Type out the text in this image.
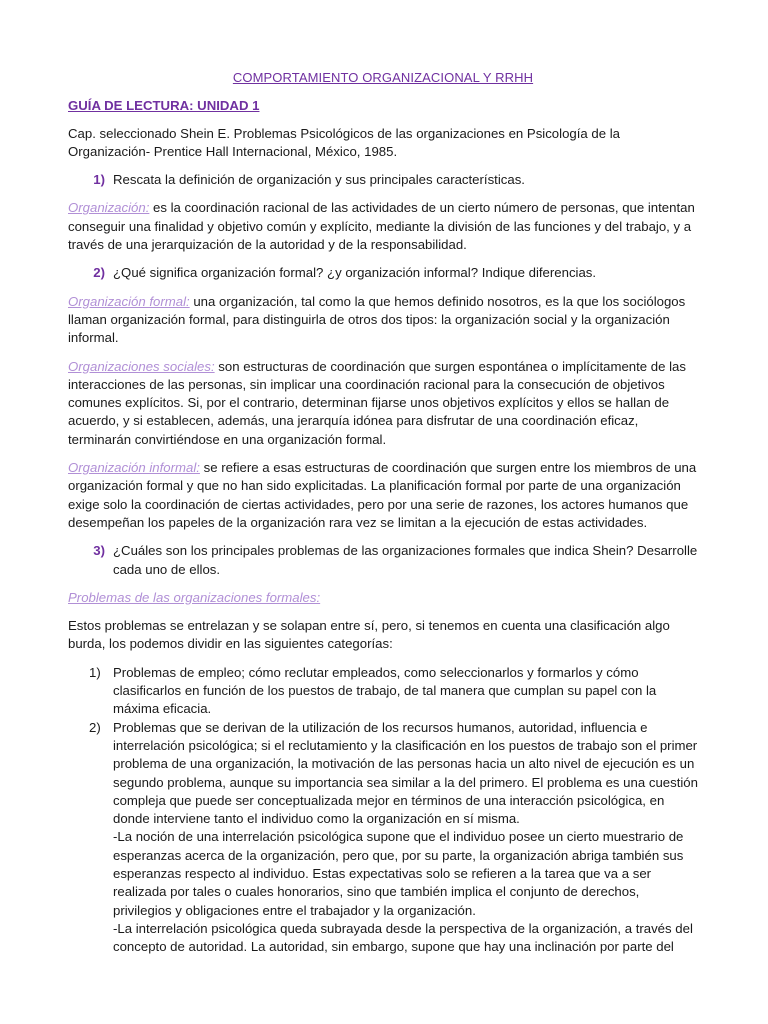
COMPORTAMIENTO ORGANIZACIONAL Y RRHH
GUÍA DE LECTURA: UNIDAD 1

Cap. seleccionado Shein E. Problemas Psicológicos de las organizaciones en Psicología de la Organización- Prentice Hall Internacional, México, 1985.

1) Rescata la definición de organización y sus principales características.

Organización: es la coordinación racional de las actividades de un cierto número de personas, que intentan conseguir una finalidad y objetivo común y explícito, mediante la división de las funciones y del trabajo, y a través de una jerarquización de la autoridad y de la responsabilidad.

2) ¿Qué significa organización formal? ¿y organización informal? Indique diferencias.

Organización formal: una organización, tal como la que hemos definido nosotros, es la que los sociólogos llaman organización formal, para distinguirla de otros dos tipos: la organización social y la organización informal.

Organizaciones sociales: son estructuras de coordinación que surgen espontánea o implícitamente de las interacciones de las personas, sin implicar una coordinación racional para la consecución de objetivos comunes explícitos. Si, por el contrario, determinan fijarse unos objetivos explícitos y ellos se hallan de acuerdo, y si establecen, además, una jerarquía idónea para disfrutar de una coordinación eficaz, terminarán convirtiéndose en una organización formal.

Organización informal: se refiere a esas estructuras de coordinación que surgen entre los miembros de una organización formal y que no han sido explicitadas. La planificación formal por parte de una organización exige solo la coordinación de ciertas actividades, pero por una serie de razones, los actores humanos que desempeñan los papeles de la organización rara vez se limitan a la ejecución de estas actividades.

3) ¿Cuáles son los principales problemas de las organizaciones formales que indica Shein? Desarrolle cada uno de ellos.
Problemas de las organizaciones formales:

Estos problemas se entrelazan y se solapan entre sí, pero, si tenemos en cuenta una clasificación algo burda, los podemos dividir en las siguientes categorías:

1) Problemas de empleo; cómo reclutar empleados, como seleccionarlos y formarlos y cómo clasificarlos en función de los puestos de trabajo, de tal manera que cumplan su papel con la máxima eficacia.
2) Problemas que se derivan de la utilización de los recursos humanos, autoridad, influencia e interrelación psicológica; si el reclutamiento y la clasificación en los puestos de trabajo son el primer problema de una organización, la motivación de las personas hacia un alto nivel de ejecución es un segundo problema, aunque su importancia sea similar a la del primero. El problema es una cuestión compleja que puede ser conceptualizada mejor en términos de una interacción psicológica, en donde interviene tanto el individuo como la organización en sí misma.
-La noción de una interrelación psicológica supone que el individuo posee un cierto muestrario de esperanzas acerca de la organización, pero que, por su parte, la organización abriga también sus esperanzas respecto al individuo. Estas expectativas solo se refieren a la tarea que va a ser realizada por tales o cuales honorarios, sino que también implica el conjunto de derechos, privilegios y obligaciones entre el trabajador y la organización.
-La interrelación psicológica queda subrayada desde la perspectiva de la organización, a través del concepto de autoridad. La autoridad, sin embargo, supone que hay una inclinación por parte del
